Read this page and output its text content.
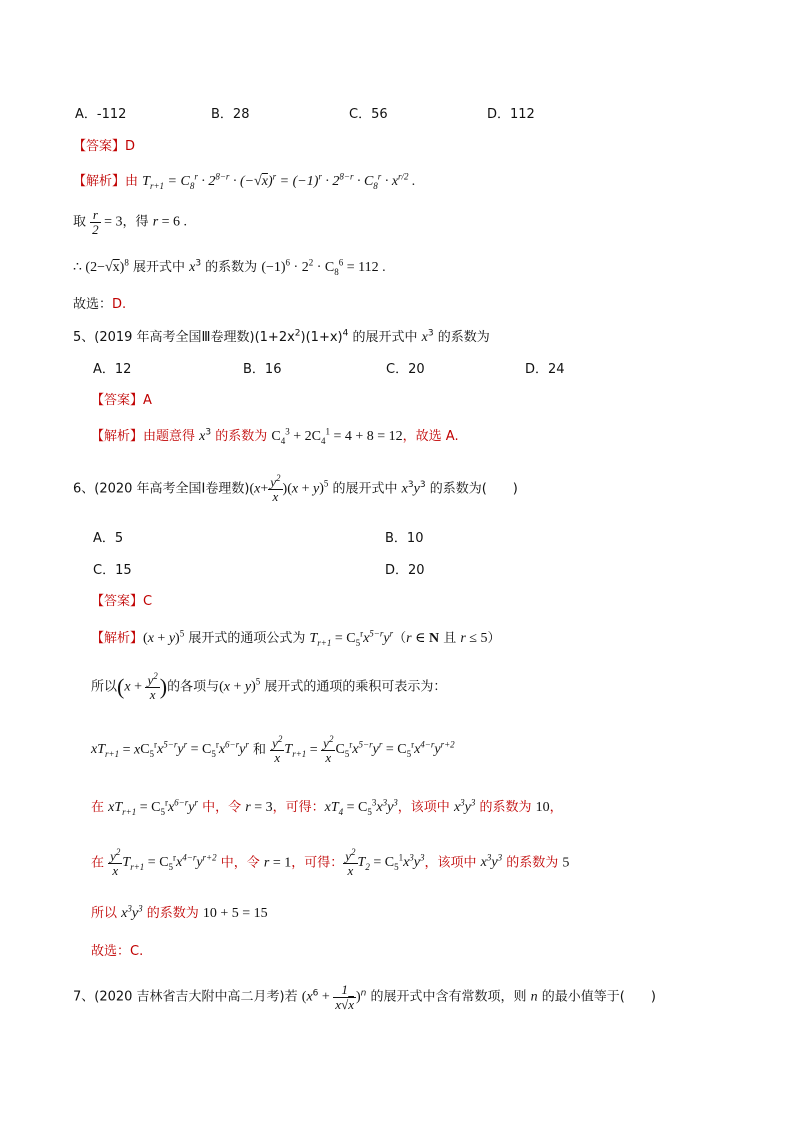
A．-112	B．28	C．56	D．112
【答案】D
【解析】由 $T_{r+1} = C_8^r \cdot 2^{8-r} \cdot (-√x)^r = (-1)^r \cdot 2^{8-r} \cdot C_8^r \cdot x^{r/2}$ .
取 $\frac{r}{2} = 3$，得 r = 6 .
∴ $(2-√x)^8$ 展开式中 $x^3$ 的系数为 $(-1)^6 \cdot 2^2 \cdot C_8^6 = 112$ .
故选：D.
5、(2019 年高考全国Ⅲ卷理数)$(1+2x^2)(1+x)^4$ 的展开式中 $x^3$ 的系数为
A．12	B．16	C．20	D．24
【答案】A
【解析】由题意得 $x^3$ 的系数为 $C_4^3 + 2C_4^1 = 4 + 8 = 12$，故选 A.
6、(2020 年高考全国Ⅰ卷理数)$(x+ \frac{y^2}{x} )(x + y)^5$ 的展开式中 $x^3y^3$ 的系数为(　　)
A．5	B．10
C．15	D．20
【答案】C
【解析】$(x + y)^5$ 展开式的通项公式为 $T_{r+1} = C_5^rx^{5-r}y^r(r$ ∈ N 且 r ≤ 5）
所以($x + \frac{y^2}{x}$ )的各项与$(x + y)^5$ 展开式的通项的乘积可表示为：
$xT_{r+1} = xC_5^rx^{5-r}y^r = C_5^rx^{6-r}y^r$ 和 $\frac{y^2}{x} T_{r+1} = \frac{y^2}{x} C_5^rx^{5-r}y^r = C_5^rx^{4-r}y^{r+2}$
在 $xT_{r+1} = C_5^rx^{6-r}y^r$ 中，令 r = 3，可得：$xT_4 = C_5^3x^3y^3$，该项中 $x^3y^3$ 的系数为 10，
在 $\frac{y^2}{x} T_{r+1} = C_5^rx^{4-r}y^{r+2}$ 中，令 r = 1，可得： $\frac{y^2}{x} T_2 = C_5^1x^3y^3$，该项中 $x^3y^3$ 的系数为 5
所以 $x^3y^3$ 的系数为 10 + 5 = 15
故选：C.
7、(2020 吉林省吉大附中高二月考)若 $(x^6 + \frac{1}{x√x} )^n$ 的展开式中含有常数项，则 n 的最小值等于(　　)
